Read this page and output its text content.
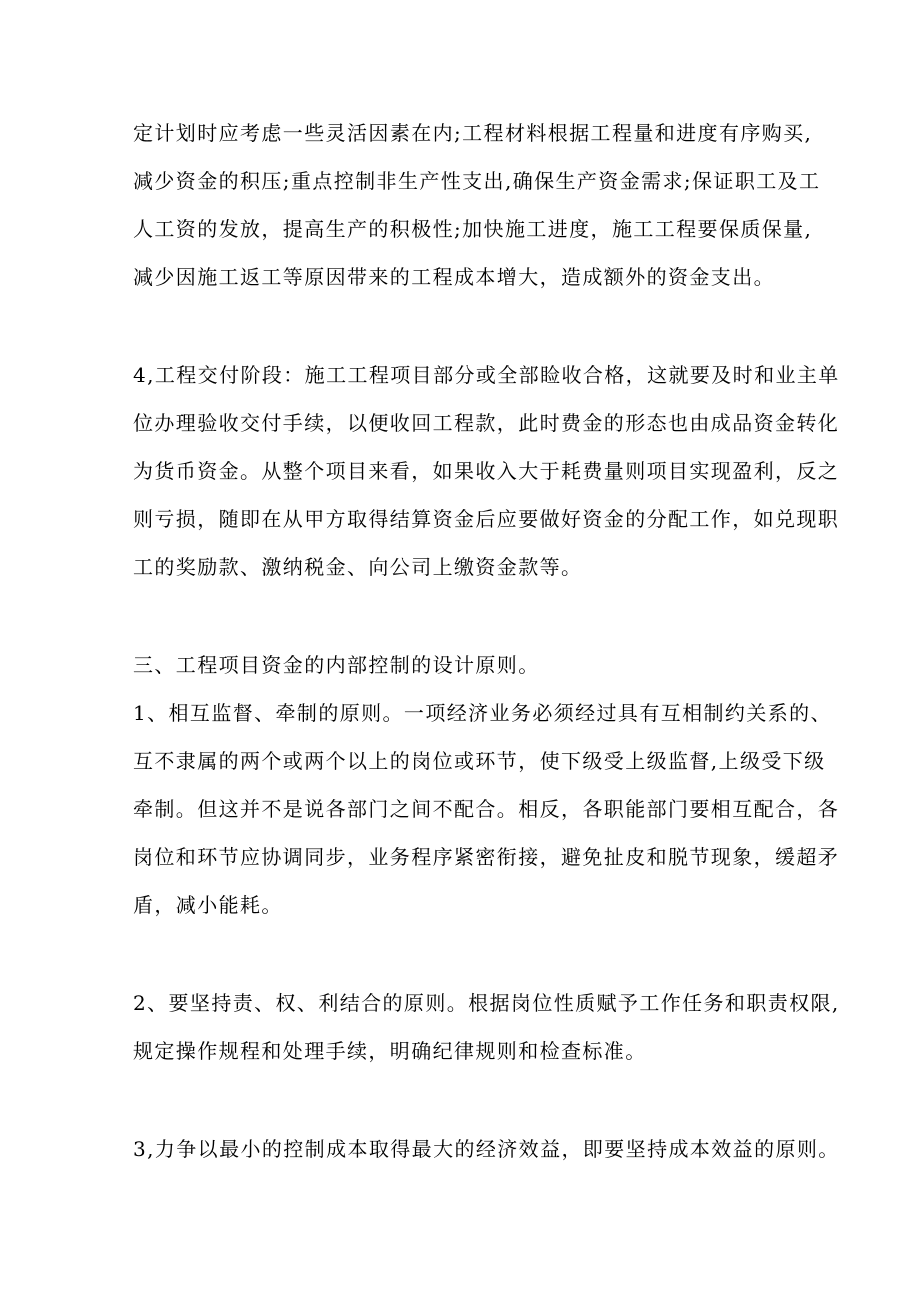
定计划时应考虑一些灵活因素在内;工程材料根据工程量和进度有序购买,
减少资金的积压;重点控制非生产性支出,确保生产资金需求;保证职工及工
人工资的发放，提高生产的积极性;加快施工进度，施工工程要保质保量,
减少因施工返工等原因带来的工程成本增大，造成额外的资金支出。
4,工程交付阶段：施工工程项目部分或全部睑收合格，这就要及时和业主单
位办理验收交付手续，以便收回工程款，此时费金的形态也由成品资金转化
为货币资金。从整个项目来看，如果收入大于耗费量则项目实现盈利，反之
则亏损，随即在从甲方取得结算资金后应要做好资金的分配工作，如兑现职
工的奖励款、激纳税金、向公司上缴资金款等。
三、工程项目资金的内部控制的设计原则。
1、相互监督、牵制的原则。一项经济业务必须经过具有互相制约关系的、
互不隶属的两个或两个以上的岗位或环节，使下级受上级监督,上级受下级
牵制。但这并不是说各部门之间不配合。相反，各职能部门要相互配合，各
岗位和环节应协调同步，业务程序紧密衔接，避免扯皮和脱节现象，缓超矛
盾，减小能耗。
2、要坚持责、权、利结合的原则。根据岗位性质赋予工作任务和职责权限,
规定操作规程和处理手续，明确纪律规则和检查标准。
3,力争以最小的控制成本取得最大的经济效益，即要坚持成本效益的原则。
